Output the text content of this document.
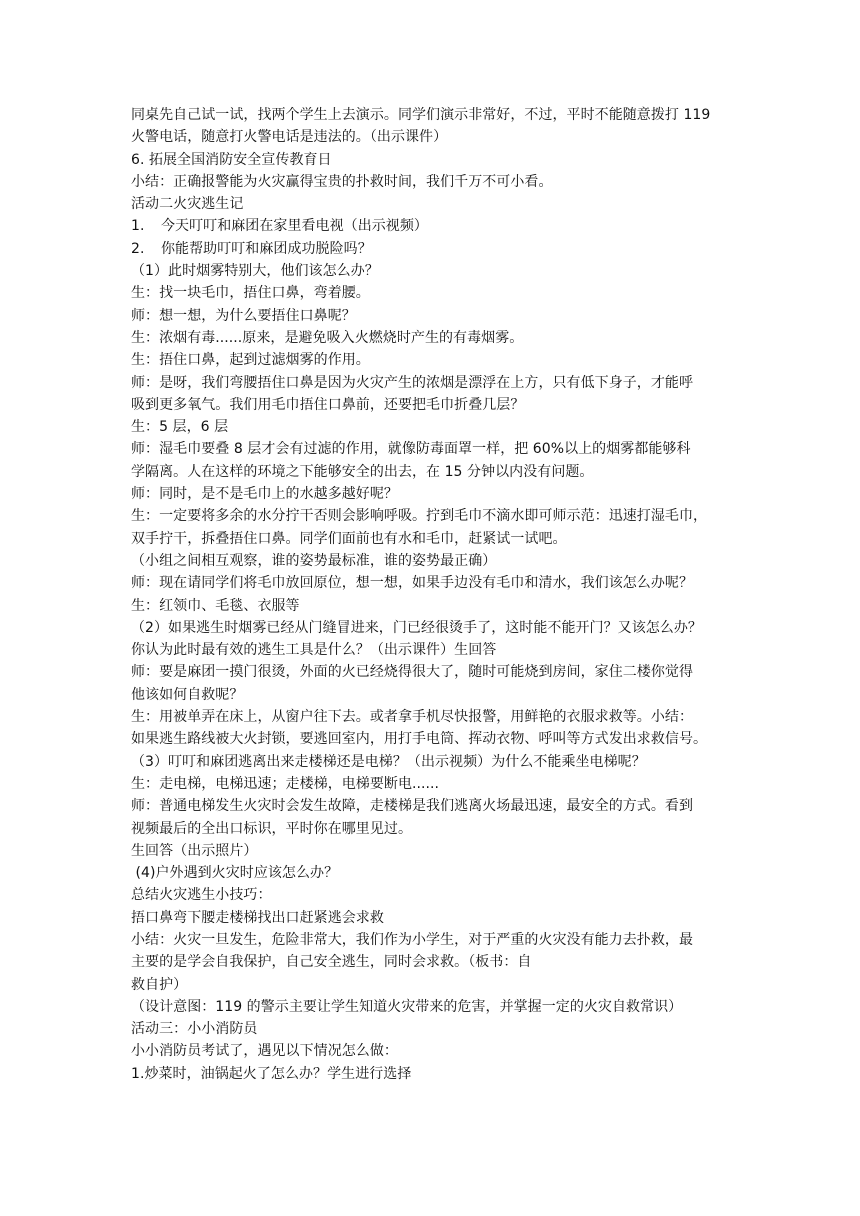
同桌先自己试一试，找两个学生上去演示。同学们演示非常好，不过，平时不能随意拨打 119
火警电话，随意打火警电话是违法的。（出示课件）
6. 拓展全国消防安全宣传教育日
小结：正确报警能为火灾赢得宝贵的扑救时间，我们千万不可小看。
活动二火灾逃生记
1. 今天叮叮和麻团在家里看电视（出示视频）
2. 你能帮助叮叮和麻团成功脱险吗？
（1）此时烟雾特别大，他们该怎么办？
生：找一块毛巾，捂住口鼻，弯着腰。
师：想一想，为什么要捂住口鼻呢？
生：浓烟有毒......原来，是避免吸入火燃烧时产生的有毒烟雾。
生：捂住口鼻，起到过滤烟雾的作用。
师：是呀，我们弯腰捂住口鼻是因为火灾产生的浓烟是漂浮在上方，只有低下身子，才能呼
吸到更多氧气。我们用毛巾捂住口鼻前，还要把毛巾折叠几层？
生：5 层，6 层
师：湿毛巾要叠 8 层才会有过滤的作用，就像防毒面罩一样，把 60%以上的烟雾都能够科
学隔离。人在这样的环境之下能够安全的出去，在 15 分钟以内没有问题。
师：同时，是不是毛巾上的水越多越好呢？
生：一定要将多余的水分拧干否则会影响呼吸。拧到毛巾不滴水即可师示范：迅速打湿毛巾，
双手拧干，拆叠捂住口鼻。同学们面前也有水和毛巾，赶紧试一试吧。
（小组之间相互观察，谁的姿势最标准，谁的姿势最正确）
师：现在请同学们将毛巾放回原位，想一想，如果手边没有毛巾和清水，我们该怎么办呢？
生：红领巾、毛毯、衣服等
（2）如果逃生时烟雾已经从门缝冒进来，门已经很烫手了，这时能不能开门？又该怎么办？
你认为此时最有效的逃生工具是什么？（出示课件）生回答
师：要是麻团一摸门很烫，外面的火已经烧得很大了，随时可能烧到房间，家住二楼你觉得
他该如何自救呢？
生：用被单弄在床上，从窗户往下去。或者拿手机尽快报警，用鲜艳的衣服求救等。小结：
如果逃生路线被大火封锁，要逃回室内，用打手电筒、挥动衣物、呼叫等方式发出求救信号。
（3）叮叮和麻团逃离出来走楼梯还是电梯？（出示视频）为什么不能乘坐电梯呢？
生：走电梯，电梯迅速；走楼梯，电梯要断电......
师：普通电梯发生火灾时会发生故障，走楼梯是我们逃离火场最迅速，最安全的方式。看到
视频最后的全出口标识，平时你在哪里见过。
生回答（出示照片）
(4)户外遇到火灾时应该怎么办？
总结火灾逃生小技巧：
捂口鼻弯下腰走楼梯找出口赶紧逃会求救
小结：火灾一旦发生，危险非常大，我们作为小学生，对于严重的火灾没有能力去扑救，最
主要的是学会自我保护，自己安全逃生，同时会求救。（板书：自
救自护）
（设计意图：119 的警示主要让学生知道火灾带来的危害，并掌握一定的火灾自救常识）
活动三：小小消防员
小小消防员考试了，遇见以下情况怎么做：
1.炒菜时，油锅起火了怎么办？学生进行选择
